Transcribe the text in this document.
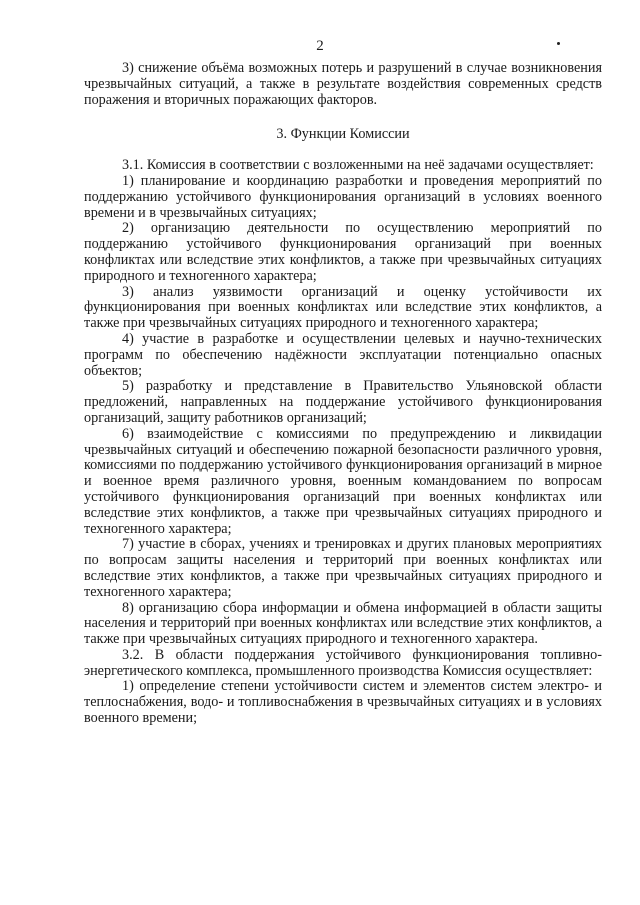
2

3) снижение объёма возможных потерь и разрушений в случае возникновения чрезвычайных ситуаций, а также в результате воздействия современных средств поражения и вторичных поражающих факторов.

3. Функции Комиссии

3.1. Комиссия в соответствии с возложенными на неё задачами осуществляет:

1) планирование и координацию разработки и проведения мероприятий по поддержанию устойчивого функционирования организаций в условиях военного времени и в чрезвычайных ситуациях;

2) организацию деятельности по осуществлению мероприятий по поддержанию устойчивого функционирования организаций при военных конфликтах или вследствие этих конфликтов, а также при чрезвычайных ситуациях природного и техногенного характера;

3) анализ уязвимости организаций и оценку устойчивости их функционирования при военных конфликтах или вследствие этих конфликтов, а также при чрезвычайных ситуациях природного и техногенного характера;

4) участие в разработке и осуществлении целевых и научно-технических программ по обеспечению надёжности эксплуатации потенциально опасных объектов;

5) разработку и представление в Правительство Ульяновской области предложений, направленных на поддержание устойчивого функционирования организаций, защиту работников организаций;

6) взаимодействие с комиссиями по предупреждению и ликвидации чрезвычайных ситуаций и обеспечению пожарной безопасности различного уровня, комиссиями по поддержанию устойчивого функционирования организаций в мирное и военное время различного уровня, военным командованием по вопросам устойчивого функционирования организаций при военных конфликтах или вследствие этих конфликтов, а также при чрезвычайных ситуациях природного и техногенного характера;

7) участие в сборах, учениях и тренировках и других плановых мероприятиях по вопросам защиты населения и территорий при военных конфликтах или вследствие этих конфликтов, а также при чрезвычайных ситуациях природного и техногенного характера;

8) организацию сбора информации и обмена информацией в области защиты населения и территорий при военных конфликтах или вследствие этих конфликтов, а также при чрезвычайных ситуациях природного и техногенного характера.

3.2. В области поддержания устойчивого функционирования топливно-энергетического комплекса, промышленного производства Комиссия осуществляет:

1) определение степени устойчивости систем и элементов систем электро- и теплоснабжения, водо- и топливоснабжения в чрезвычайных ситуациях и в условиях военного времени;
